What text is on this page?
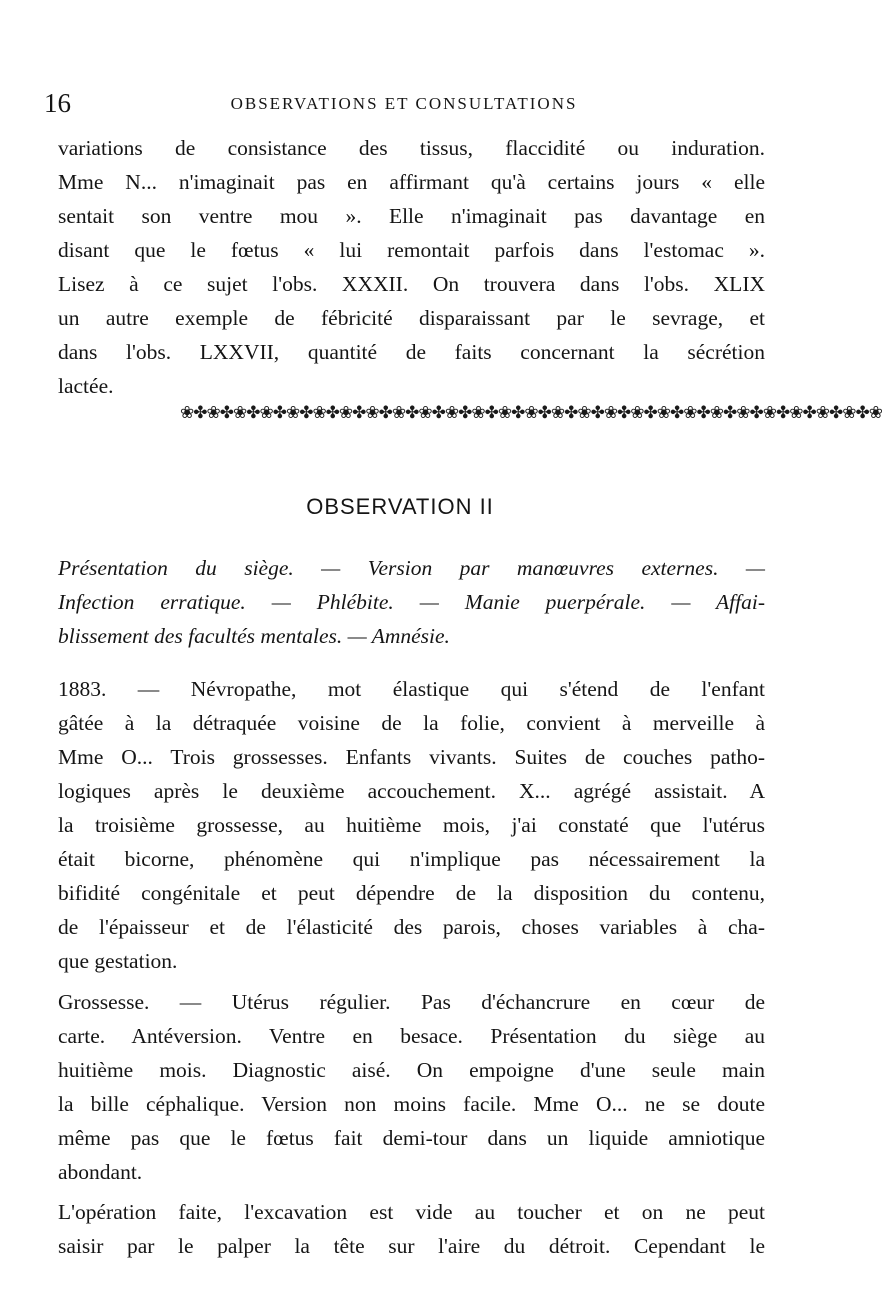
16	OBSERVATIONS ET CONSULTATIONS
variations de consistance des tissus, flaccidité ou induration.
Mme N... n'imaginait pas en affirmant qu'à certains jours « elle
sentait son ventre mou ». Elle n'imaginait pas davantage en
disant que le fœtus « lui remontait parfois dans l'estomac ».
Lisez à ce sujet l'obs. XXXII. On trouvera dans l'obs. XLIX
un autre exemple de fébricité disparaissant par le sevrage, et
dans l'obs. LXXVII, quantité de faits concernant la sécrétion
lactée.
❀✤❀✤❀✤❀✤❀✤❀✤❀✤❀✤❀✤❀✤❀✤❀✤❀✤❀✤❀✤❀✤❀✤❀✤❀✤❀✤❀✤❀✤❀✤❀✤❀✤❀✤❀
OBSERVATION II
Présentation du siège. — Version par manœuvres externes. —
Infection erratique. — Phlébite. — Manie puerpérale. — Affai-
blissement des facultés mentales. — Amnésie.
1883. — Névropathe, mot élastique qui s'étend de l'enfant
gâtée à la détraquée voisine de la folie, convient à merveille à
Mme O... Trois grossesses. Enfants vivants. Suites de couches patho-
logiques après le deuxième accouchement. X... agrégé assistait. A
la troisième grossesse, au huitième mois, j'ai constaté que l'utérus
était bicorne, phénomène qui n'implique pas nécessairement la
bifidité congénitale et peut dépendre de la disposition du contenu,
de l'épaisseur et de l'élasticité des parois, choses variables à cha-
que gestation.
Grossesse. — Utérus régulier. Pas d'échancrure en cœur de
carte. Antéversion. Ventre en besace. Présentation du siège au
huitième mois. Diagnostic aisé. On empoigne d'une seule main
la bille céphalique. Version non moins facile. Mme O... ne se doute
même pas que le fœtus fait demi-tour dans un liquide amniotique
abondant.
L'opération faite, l'excavation est vide au toucher et on ne peut
saisir par le palper la tête sur l'aire du détroit. Cependant le
